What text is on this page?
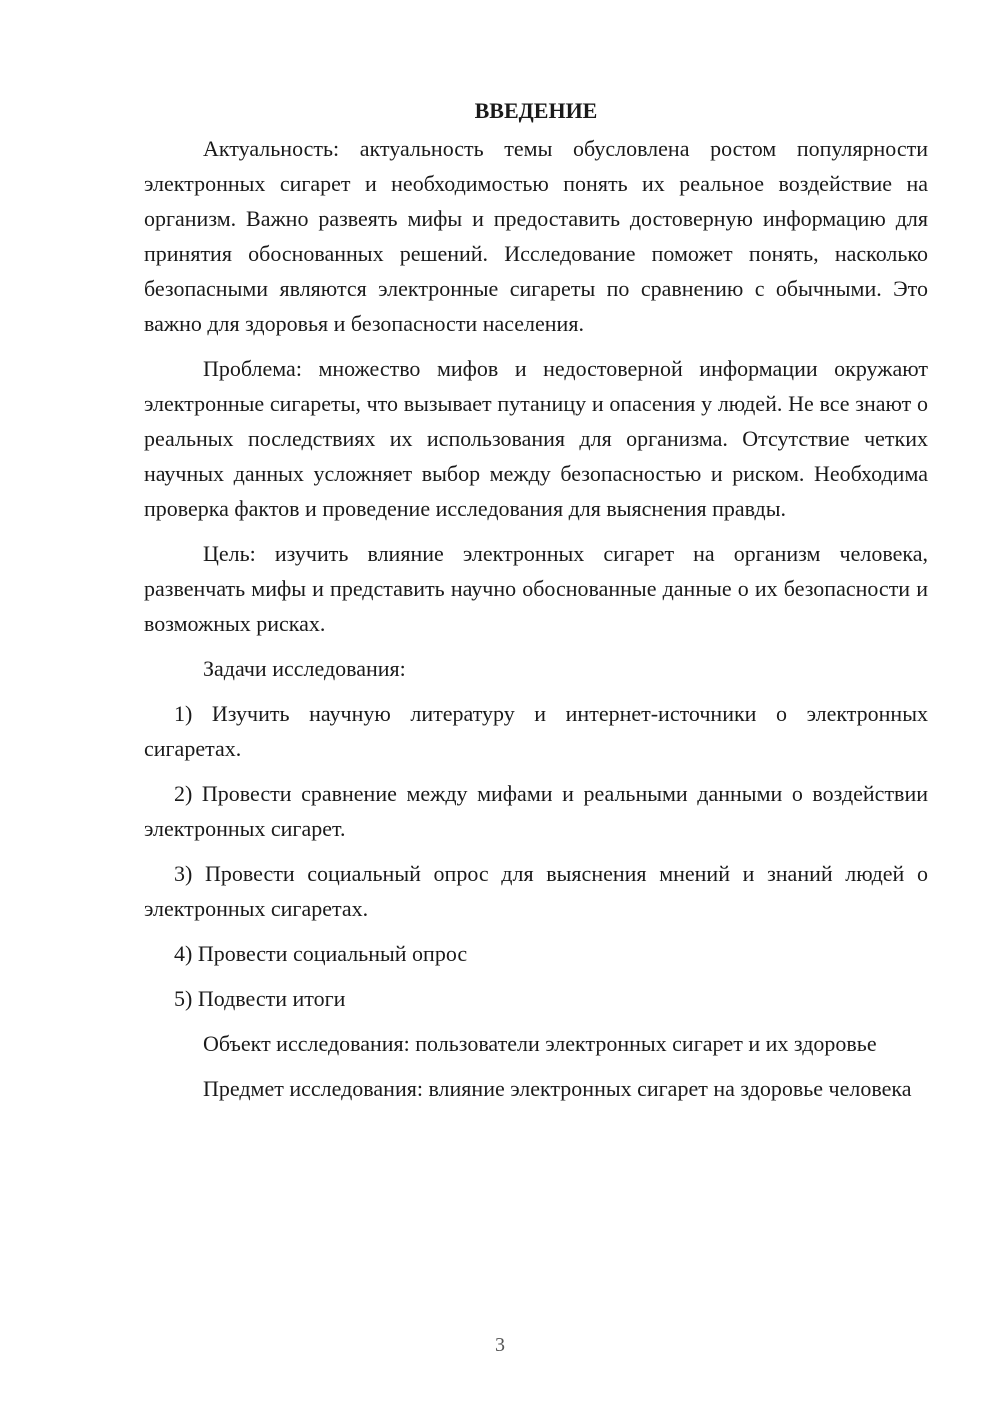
ВВЕДЕНИЕ

Актуальность: актуальность темы обусловлена ростом популярности электронных сигарет и необходимостью понять их реальное воздействие на организм. Важно развеять мифы и предоставить достоверную информацию для принятия обоснованных решений. Исследование поможет понять, насколько безопасными являются электронные сигареты по сравнению с обычными. Это важно для здоровья и безопасности населения.

Проблема: множество мифов и недостоверной информации окружают электронные сигареты, что вызывает путаницу и опасения у людей. Не все знают о реальных последствиях их использования для организма. Отсутствие четких научных данных усложняет выбор между безопасностью и риском. Необходима проверка фактов и проведение исследования для выяснения правды.

Цель: изучить влияние электронных сигарет на организм человека, развенчать мифы и представить научно обоснованные данные о их безопасности и возможных рисках.

Задачи исследования:

1) Изучить научную литературу и интернет-источники о электронных сигаретах.

2) Провести сравнение между мифами и реальными данными о воздействии электронных сигарет.

3) Провести социальный опрос для выяснения мнений и знаний людей о электронных сигаретах.

4) Провести социальный опрос

5) Подвести итоги

Объект исследования: пользователи электронных сигарет и их здоровье

Предмет исследования: влияние электронных сигарет на здоровье человека

3
